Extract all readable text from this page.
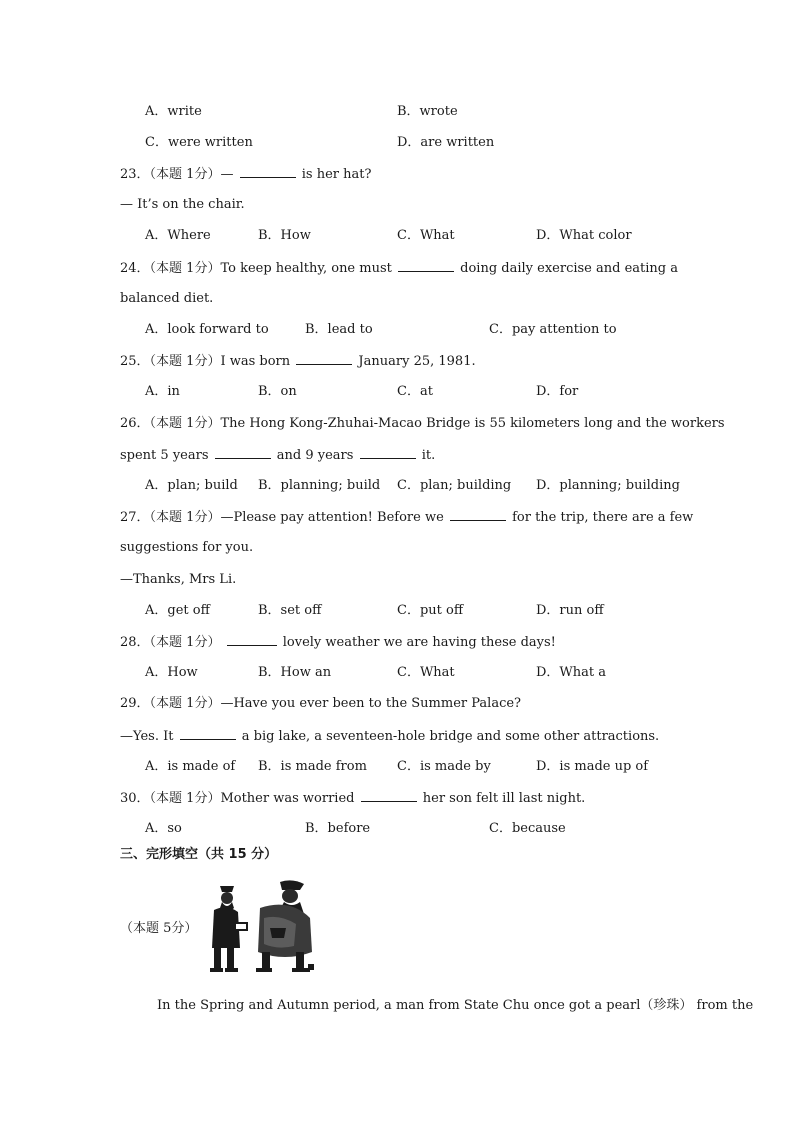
A．write	B．wrote
C．were written	D．are written
23．（本题 1分）—	is her hat?
— It’s on the chair.
A．Where	B．How	C．What	D．What color
24．（本题 1分）To keep healthy, one must	doing daily exercise and eating a
balanced diet.
A．look forward to	B．lead to	C．pay attention to
25．（本题 1分）I was born	January 25, 1981.
A．in	B．on	C．at	D．for
26．（本题 1分）The Hong Kong-Zhuhai-Macao Bridge is 55 kilometers long and the workers
spent 5 years	and 9 years	it.
A．plan; build B．planning; build C．plan; building D．planning; building
27．（本题 1分）—Please pay attention! Before we	for the trip, there are a few
suggestions for you.
—Thanks, Mrs Li.
A．get off	B．set off	C．put off	D．run off
28．（本题 1分）	lovely weather we are having these days!
A．How	B．How an	C．What	D．What a
29．（本题 1分）—Have you ever been to the Summer Palace?
—Yes. It	a big lake, a seventeen-hole bridge and some other attractions.
A．is made of B．is made from C．is made by	D．is made up of
30．（本题 1分）Mother was worried	her son felt ill last night.
A．so	B．before	C．because
三、完形填空（共 15 分）
（本题 5分）
In the Spring and Autumn period, a man from State Chu once got a pearl（珍珠） from the
